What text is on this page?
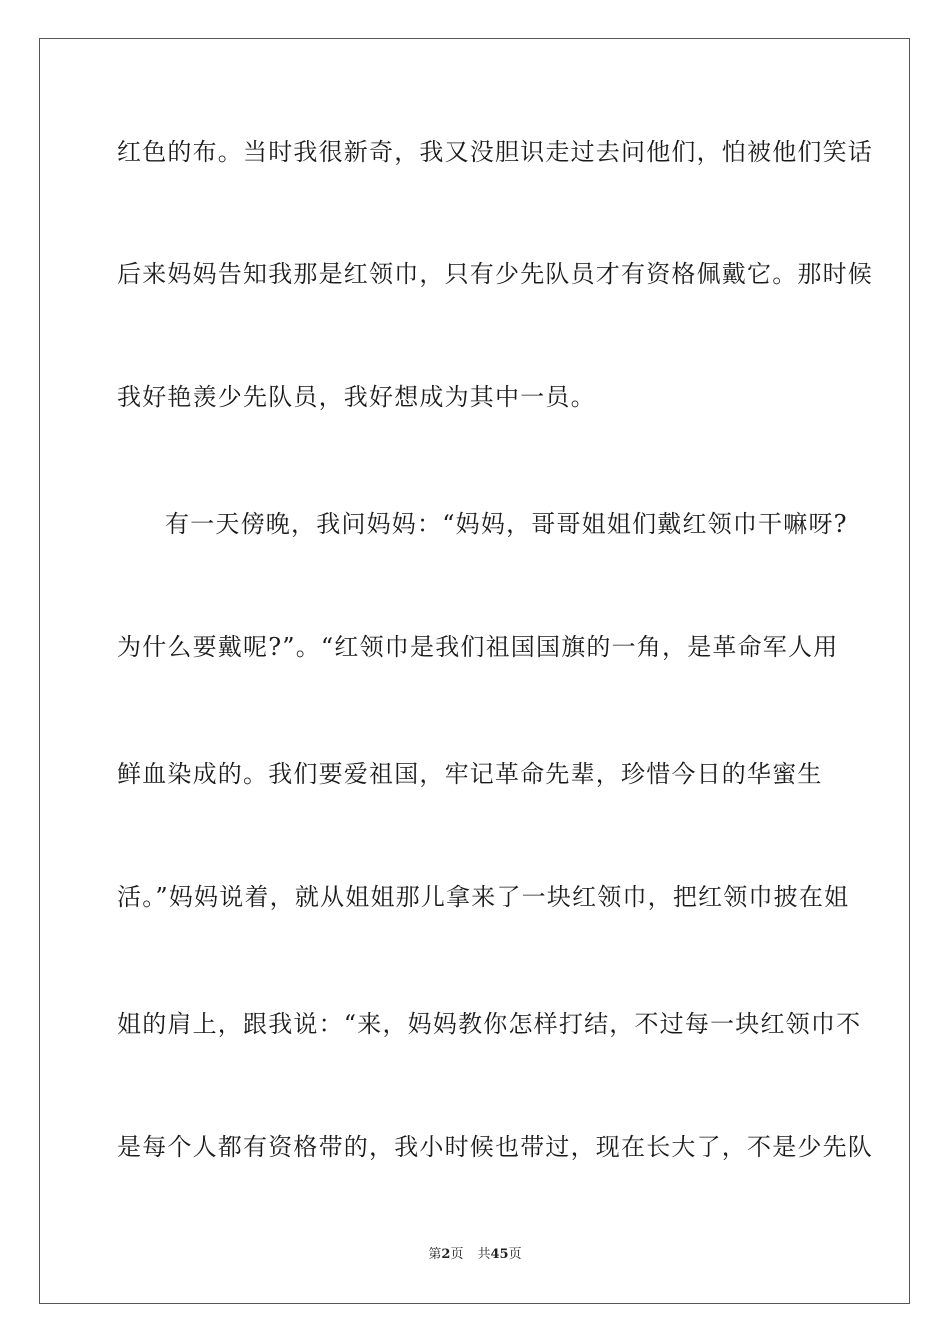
红色的布。当时我很新奇，我又没胆识走过去问他们，怕被他们笑话
后来妈妈告知我那是红领巾，只有少先队员才有资格佩戴它。那时候
我好艳羡少先队员，我好想成为其中一员。
有一天傍晚，我问妈妈：“妈妈，哥哥姐姐们戴红领巾干嘛呀?
为什么要戴呢?”。“红领巾是我们祖国国旗的一角，是革命军人用
鲜血染成的。我们要爱祖国，牢记革命先辈，珍惜今日的华蜜生
活。”妈妈说着，就从姐姐那儿拿来了一块红领巾，把红领巾披在姐
姐的肩上，跟我说：“来，妈妈教你怎样打结，不过每一块红领巾不
是每个人都有资格带的，我小时候也带过，现在长大了，不是少先队
第2页 共45页
